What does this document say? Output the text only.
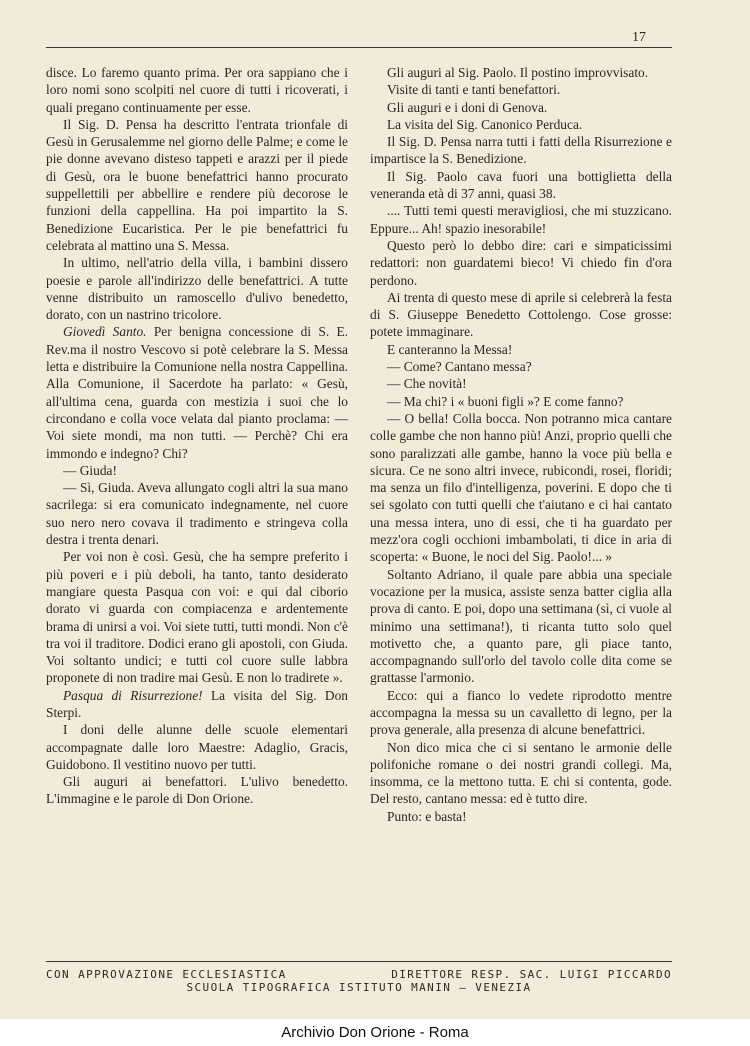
17

disce. Lo faremo quanto prima. Per ora sappiano che i loro nomi sono scolpiti nel cuore di tutti i ricoverati, i quali pregano continuamente per esse.

Il Sig. D. Pensa ha descritto l'entrata trionfale di Gesù in Gerusalemme nel giorno delle Palme; e come le pie donne avevano disteso tappeti e arazzi per il piede di Gesù, ora le buone benefattrici hanno procurato suppellettili per abbellire e rendere più decorose le funzioni della cappellina. Ha poi impartito la S. Benedizione Eucaristica. Per le pie benefattrici fu celebrata al mattino una S. Messa.

In ultimo, nell'atrio della villa, i bambini dissero poesie e parole all'indirizzo delle benefattrici. A tutte venne distribuito un ramoscello d'ulivo benedetto, dorato, con un nastrino tricolore.

Giovedì Santo. Per benigna concessione di S. E. Rev.ma il nostro Vescovo si potè celebrare la S. Messa letta e distribuire la Comunione nella nostra Cappellina. Alla Comunione, il Sacerdote ha parlato: « Gesù, all'ultima cena, guarda con mestizia i suoi che lo circondano e colla voce velata dal pianto proclama: — Voi siete mondi, ma non tutti. — Perchè? Chi era immondo e indegno? Chi?

— Giuda!

— Sì, Giuda. Aveva allungato cogli altri la sua mano sacrilega: si era comunicato indegnamente, nel cuore suo nero nero covava il tradimento e stringeva colla destra i trenta denari.

Per voi non è così. Gesù, che ha sempre preferito i più poveri e i più deboli, ha tanto, tanto desiderato mangiare questa Pasqua con voi: e qui dal ciborio dorato vi guarda con compiacenza e ardentemente brama di unirsi a voi. Voi siete tutti, tutti mondi. Non c'è tra voi il traditore. Dodici erano gli apostoli, con Giuda. Voi soltanto undici; e tutti col cuore sulle labbra proponete di non tradire mai Gesù. E non lo tradirete ».

Pasqua di Risurrezione! La visita del Sig. Don Sterpi.

I doni delle alunne delle scuole elementari accompagnate dalle loro Maestre: Adaglio, Gracis, Guidobono. Il vestitino nuovo per tutti.

Gli auguri ai benefattori. L'ulivo benedetto. L'immagine e le parole di Don Orione.

Gli auguri al Sig. Paolo. Il postino improvvisato.

Visite di tanti e tanti benefattori.

Gli auguri e i doni di Genova.

La visita del Sig. Canonico Perduca.

Il Sig. D. Pensa narra tutti i fatti della Risurrezione e impartisce la S. Benedizione.

Il Sig. Paolo cava fuori una bottiglietta della veneranda età di 37 anni, quasi 38.

.... Tutti temi questi meravigliosi, che mi stuzzicano. Eppure... Ah! spazio inesorabile!

Questo però lo debbo dire: cari e simpaticissimi redattori: non guardatemi bieco! Vi chiedo fin d'ora perdono.

Ai trenta di questo mese di aprile si celebrerà la festa di S. Giuseppe Benedetto Cottolengo. Cose grosse: potete immaginare.

E canteranno la Messa!

— Come? Cantano messa?

— Che novità!

— Ma chi? i « buoni figli »? E come fanno?

— O bella! Colla bocca. Non potranno mica cantare colle gambe che non hanno più! Anzi, proprio quelli che sono paralizzati alle gambe, hanno la voce più bella e sicura. Ce ne sono altri invece, rubicondi, rosei, floridi; ma senza un filo d'intelligenza, poverini. E dopo che ti sei sgolato con tutti quelli che t'aiutano e ci hai cantato una messa intera, uno di essi, che ti ha guardato per mezz'ora cogli occhioni imbambolati, ti dice in aria di scoperta: « Buone, le noci del Sig. Paolo!... »

Soltanto Adriano, il quale pare abbia una speciale vocazione per la musica, assiste senza batter ciglia alla prova di canto. E poi, dopo una settimana (sì, ci vuole al minimo una settimana!), ti ricanta tutto solo quel motivetto che, a quanto pare, gli piace tanto, accompagnando sull'orlo del tavolo colle dita come se grattasse l'armonio.

Ecco: qui a fianco lo vedete riprodotto mentre accompagna la messa su un cavalletto di legno, per la prova generale, alla presenza di alcune benefattrici.

Non dico mica che ci si sentano le armonie delle polifoniche romane o dei nostri grandi collegi. Ma, insomma, ce la mettono tutta. E chi si contenta, gode. Del resto, cantano messa: ed è tutto dire.

Punto: e basta!

CON APPROVAZIONE ECCLESIASTICA	DIRETTORE RESP. SAC. LUIGI PICCARDO
SCUOLA TIPOGRAFICA ISTITUTO MANIN — VENEZIA
Archivio Don Orione - Roma
